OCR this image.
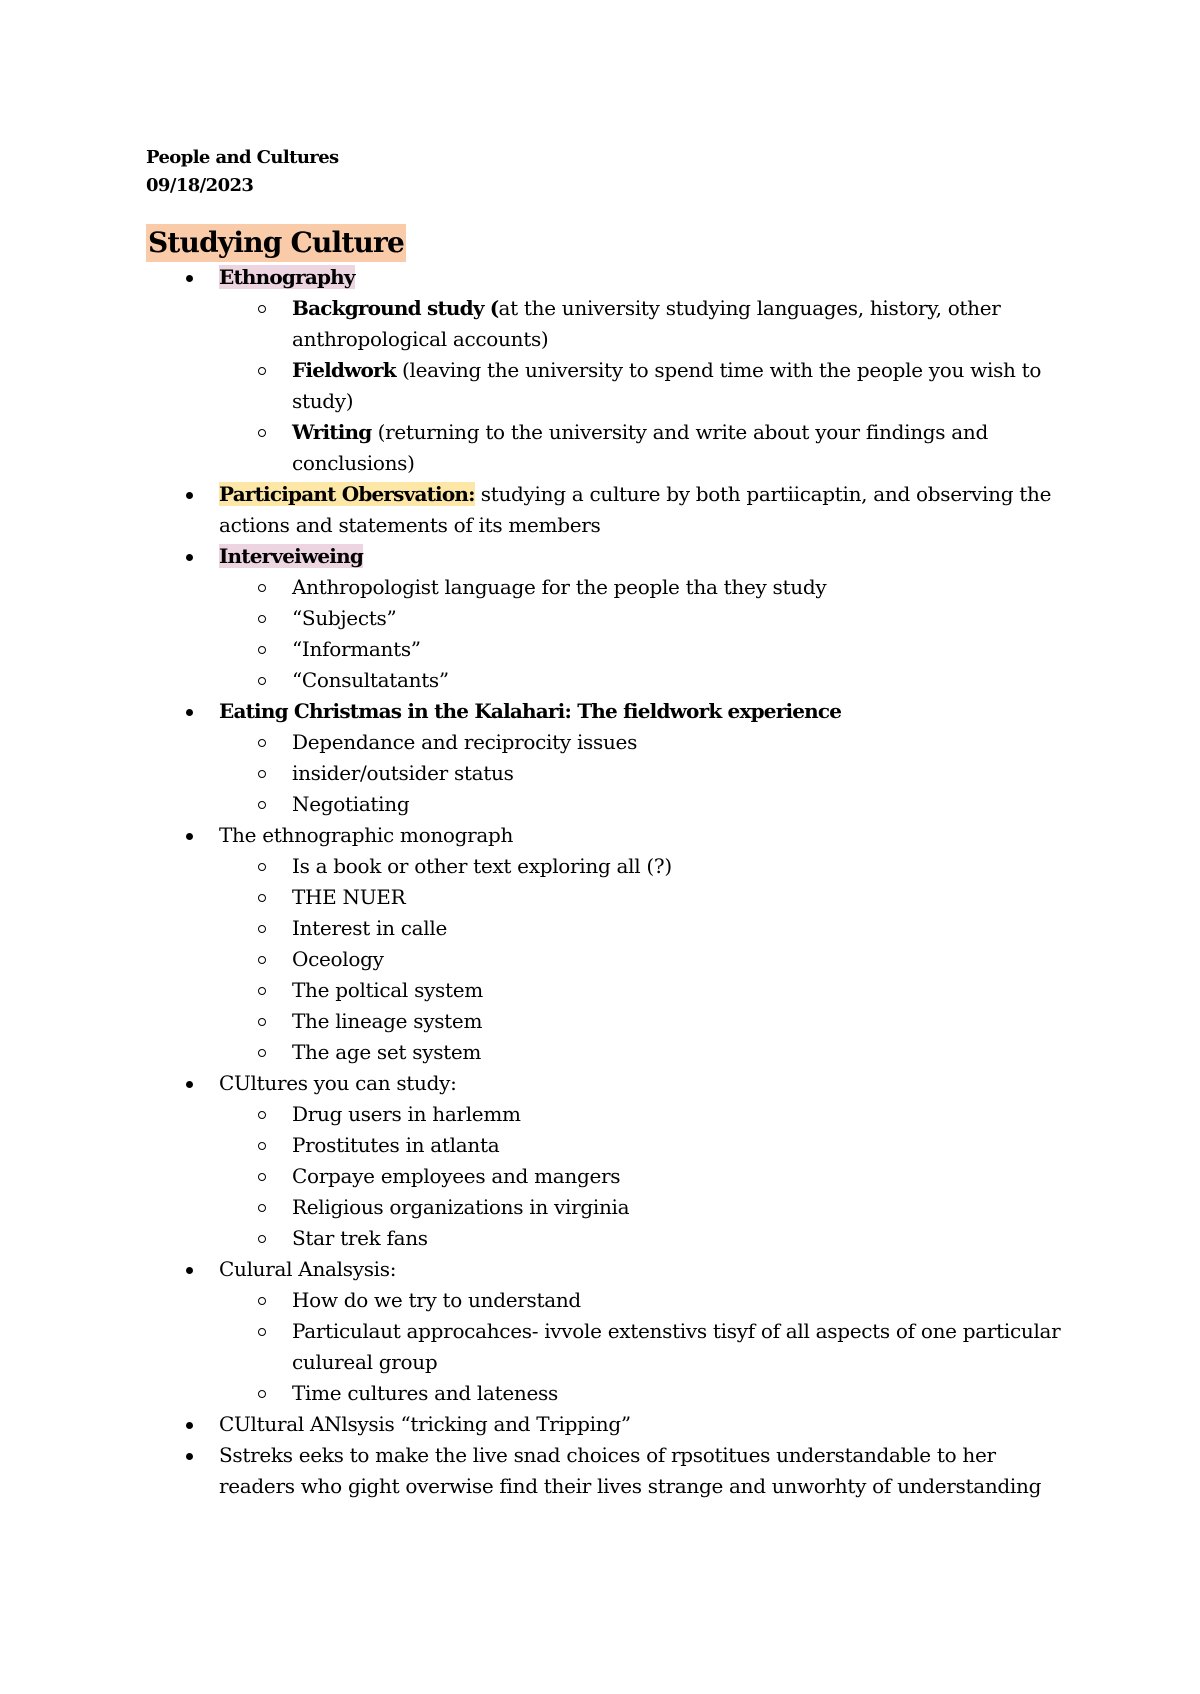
People and Cultures
09/18/2023
Studying Culture
Ethnography
Background study (at the university studying languages, history, other anthropological accounts)
Fieldwork (leaving the university to spend time with the people you wish to study)
Writing (returning to the university and write about your findings and conclusions)
Participant Obersvation: studying a culture by both partiicaptin, and observing the actions and statements of its members
Interveiweing
Anthropologist language for the people tha they study
“Subjects”
“Informants”
“Consultatants”
Eating Christmas in the Kalahari: The fieldwork experience
Dependance and reciprocity issues
insider/outsider status
Negotiating
The ethnographic monograph
Is a book or other text exploring all (?)
THE NUER
Interest in calle
Oceology
The poltical system
The lineage system
The age set system
CUltures you can study:
Drug users in harlemm
Prostitutes in atlanta
Corpaye employees and mangers
Religious organizations in virginia
Star trek fans
Culural Analsysis:
How do we try to understand
Particulaut approcahces- ivvole extenstivs tisyf of all aspects of one particular culureal group
Time cultures and lateness
CUltural ANlsysis “tricking and Tripping”
Sstreks eeks to make the live snad choices of rpsotitues understandable to her readers who gight overwise find their lives strange and unworhty of understanding
